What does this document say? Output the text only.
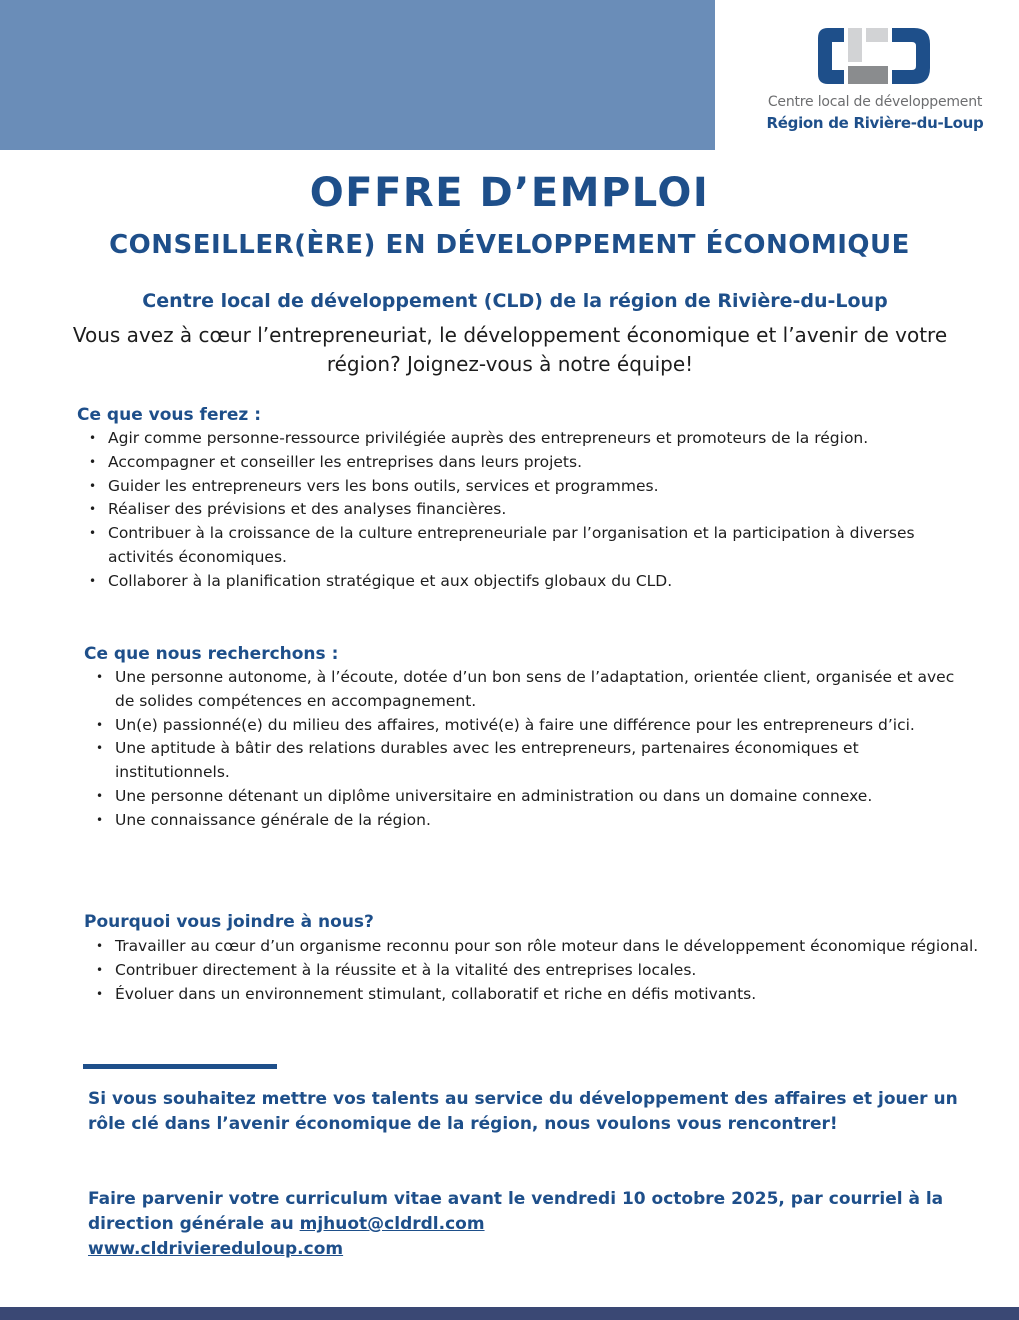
Centre local de développement
Région de Rivière-du-Loup
OFFRE D’EMPLOI
CONSEILLER(ÈRE) EN DÉVELOPPEMENT ÉCONOMIQUE
Centre local de développement (CLD) de la région de Rivière-du-Loup

Vous avez à cœur l’entrepreneuriat, le développement économique et l’avenir de votre région? Joignez-vous à notre équipe!

Ce que vous ferez :
• Agir comme personne-ressource privilégiée auprès des entrepreneurs et promoteurs de la région.
• Accompagner et conseiller les entreprises dans leurs projets.
• Guider les entrepreneurs vers les bons outils, services et programmes.
• Réaliser des prévisions et des analyses financières.
• Contribuer à la croissance de la culture entrepreneuriale par l’organisation et la participation à diverses activités économiques.
• Collaborer à la planification stratégique et aux objectifs globaux du CLD.
Ce que nous recherchons :
• Une personne autonome, à l’écoute, dotée d’un bon sens de l’adaptation, orientée client, organisée et avec de solides compétences en accompagnement.
• Un(e) passionné(e) du milieu des affaires, motivé(e) à faire une différence pour les entrepreneurs d’ici.
• Une aptitude à bâtir des relations durables avec les entrepreneurs, partenaires économiques et institutionnels.
• Une personne détenant un diplôme universitaire en administration ou dans un domaine connexe.
• Une connaissance générale de la région.
Pourquoi vous joindre à nous?
• Travailler au cœur d’un organisme reconnu pour son rôle moteur dans le développement économique régional.
• Contribuer directement à la réussite et à la vitalité des entreprises locales.
• Évoluer dans un environnement stimulant, collaboratif et riche en défis motivants.

Si vous souhaitez mettre vos talents au service du développement des affaires et jouer un rôle clé dans l’avenir économique de la région, nous voulons vous rencontrer!

Faire parvenir votre curriculum vitae avant le vendredi 10 octobre 2025, par courriel à la direction générale au mjhuot@cldrdl.com
www.cldriviereduloup.com
